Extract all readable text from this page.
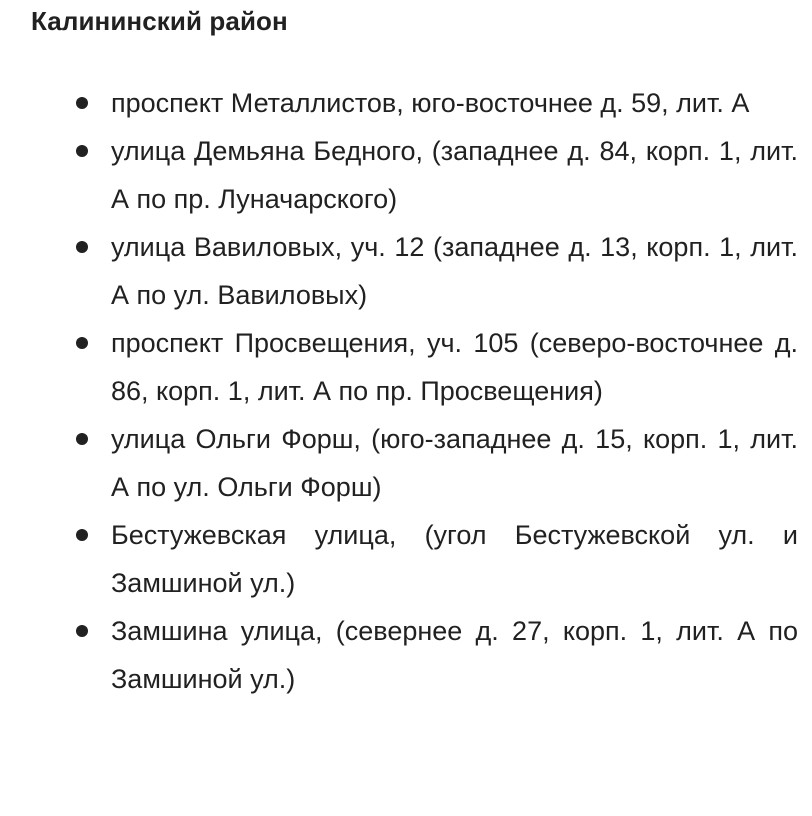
Калининский район
проспект Металлистов, юго-восточнее д. 59, лит. А
улица Демьяна Бедного, (западнее д. 84, корп. 1, лит. А по пр. Луначарского)
улица Вавиловых, уч. 12 (западнее д. 13, корп. 1, лит. А по ул. Вавиловых)
проспект Просвещения, уч. 105 (северо-восточнее д. 86, корп. 1, лит. А по пр. Просвещения)
улица Ольги Форш, (юго-западнее д. 15, корп. 1, лит. А по ул. Ольги Форш)
Бестужевская улица, (угол Бестужевской ул. и Замшиной ул.)
Замшина улица, (севернее д. 27, корп. 1, лит. А по Замшиной ул.)
